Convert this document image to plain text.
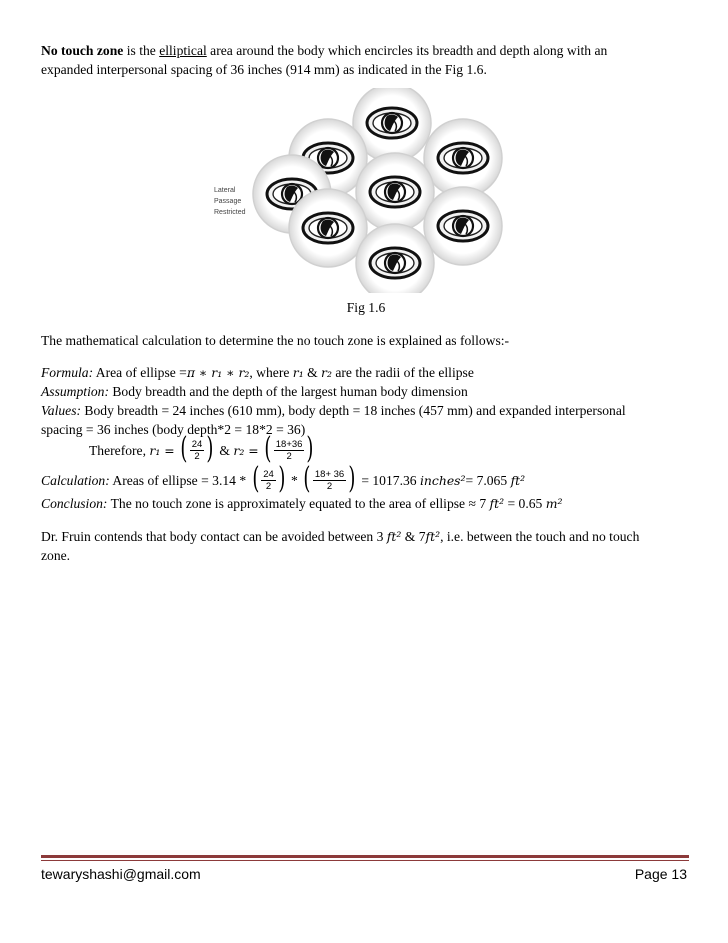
No touch zone is the elliptical area around the body which encircles its breadth and depth along with an
expanded interpersonal spacing of 36 inches (914 mm) as indicated in the Fig 1.6.
Lateral
Passage
Restricted
Fig 1.6
The mathematical calculation to determine the no touch zone is explained as follows:-
Formula: Area of ellipse =π ∗ r₁ ∗ r₂, where r₁ & r₂ are the radii of the ellipse
Assumption: Body breadth and the depth of the largest human body dimension
Values: Body breadth = 24 inches (610 mm), body depth = 18 inches (457 mm) and expanded interpersonal
spacing = 36 inches (body depth*2 = 18*2 = 36)
Therefore, r₁ = ( $\frac{24}{2}$ ) & r₂ = ( $\frac{18+36}{2}$ )
Calculation: Areas of ellipse = 3.14 * ( $\frac{24}{2}$ ) * ( $\frac{18+ 36}{2}$ ) = 1017.36 inches²= 7.065 ft²
Conclusion: The no touch zone is approximately equated to the area of ellipse ≈ 7 ft² = 0.65 m²
Dr. Fruin contends that body contact can be avoided between 3 ft² & 7ft², i.e. between the touch and no touch
zone.
tewaryshashi@gmail.com	Page 13
